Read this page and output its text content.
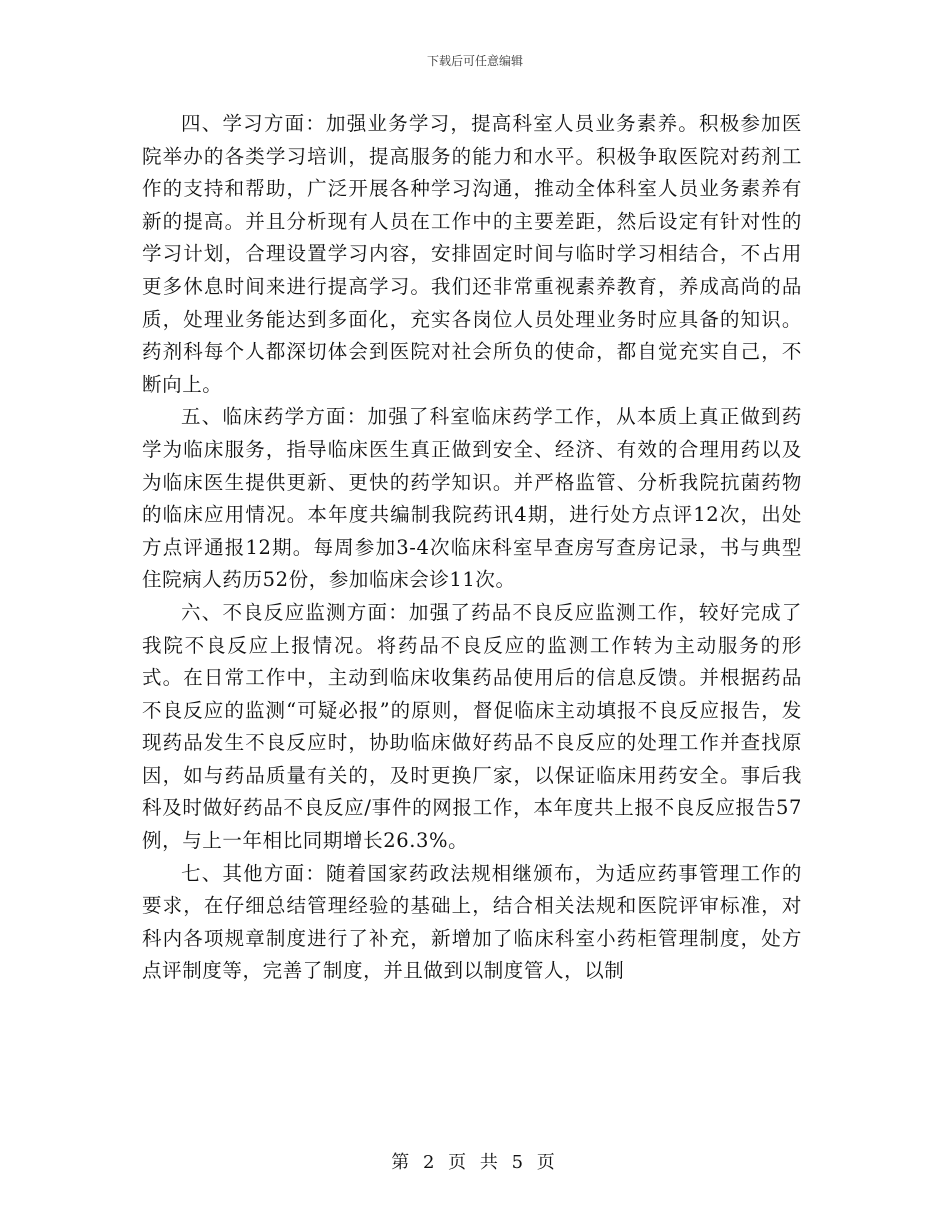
下载后可任意编辑

四、学习方面：加强业务学习，提高科室人员业务素养。积极参加医院举办的各类学习培训，提高服务的能力和水平。积极争取医院对药剂工作的支持和帮助，广泛开展各种学习沟通，推动全体科室人员业务素养有新的提高。并且分析现有人员在工作中的主要差距，然后设定有针对性的学习计划，合理设置学习内容，安排固定时间与临时学习相结合，不占用更多休息时间来进行提高学习。我们还非常重视素养教育，养成高尚的品质，处理业务能达到多面化，充实各岗位人员处理业务时应具备的知识。药剂科每个人都深切体会到医院对社会所负的使命，都自觉充实自己，不断向上。

五、临床药学方面：加强了科室临床药学工作，从本质上真正做到药学为临床服务，指导临床医生真正做到安全、经济、有效的合理用药以及为临床医生提供更新、更快的药学知识。并严格监管、分析我院抗菌药物的临床应用情况。本年度共编制我院药讯4期，进行处方点评12次，出处方点评通报12期。每周参加3-4次临床科室早查房写查房记录，书与典型住院病人药历52份，参加临床会诊11次。

六、不良反应监测方面：加强了药品不良反应监测工作，较好完成了我院不良反应上报情况。将药品不良反应的监测工作转为主动服务的形式。在日常工作中，主动到临床收集药品使用后的信息反馈。并根据药品不良反应的监测“可疑必报”的原则，督促临床主动填报不良反应报告，发现药品发生不良反应时，协助临床做好药品不良反应的处理工作并查找原因，如与药品质量有关的，及时更换厂家，以保证临床用药安全。事后我科及时做好药品不良反应/事件的网报工作，本年度共上报不良反应报告57例，与上一年相比同期增长26.3%。

七、其他方面：随着国家药政法规相继颁布，为适应药事管理工作的要求，在仔细总结管理经验的基础上，结合相关法规和医院评审标准，对科内各项规章制度进行了补充，新增加了临床科室小药柜管理制度，处方点评制度等，完善了制度，并且做到以制度管人，以制

第 2 页 共 5 页
